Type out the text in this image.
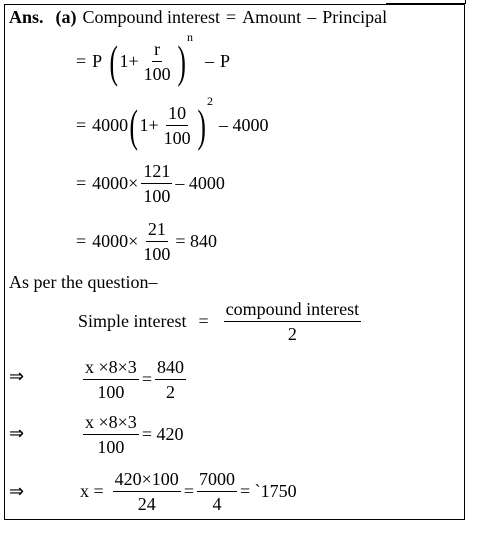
Ans. (a) Compound interest = Amount – Principal
= P ( $1+ \frac{r}{100}$ ) n
– P
= 4000 ( $1+ \frac{10}{100}$ ) 2
– 4000
= $4000\times \frac{121}{100} - 4000$
= $4000\times \frac{21}{100} = 840$
As per the question–
Simple interest = $\frac{\text{compound interest}}{2}$
⇒	$\frac{x \times 8\times 3}{100} = \frac{840}{2}$
⇒	$\frac{x \times 8\times 3}{100} = 420$
⇒	$x = \frac{420\times 100}{24} = \frac{7000}{4}$ = `1750
